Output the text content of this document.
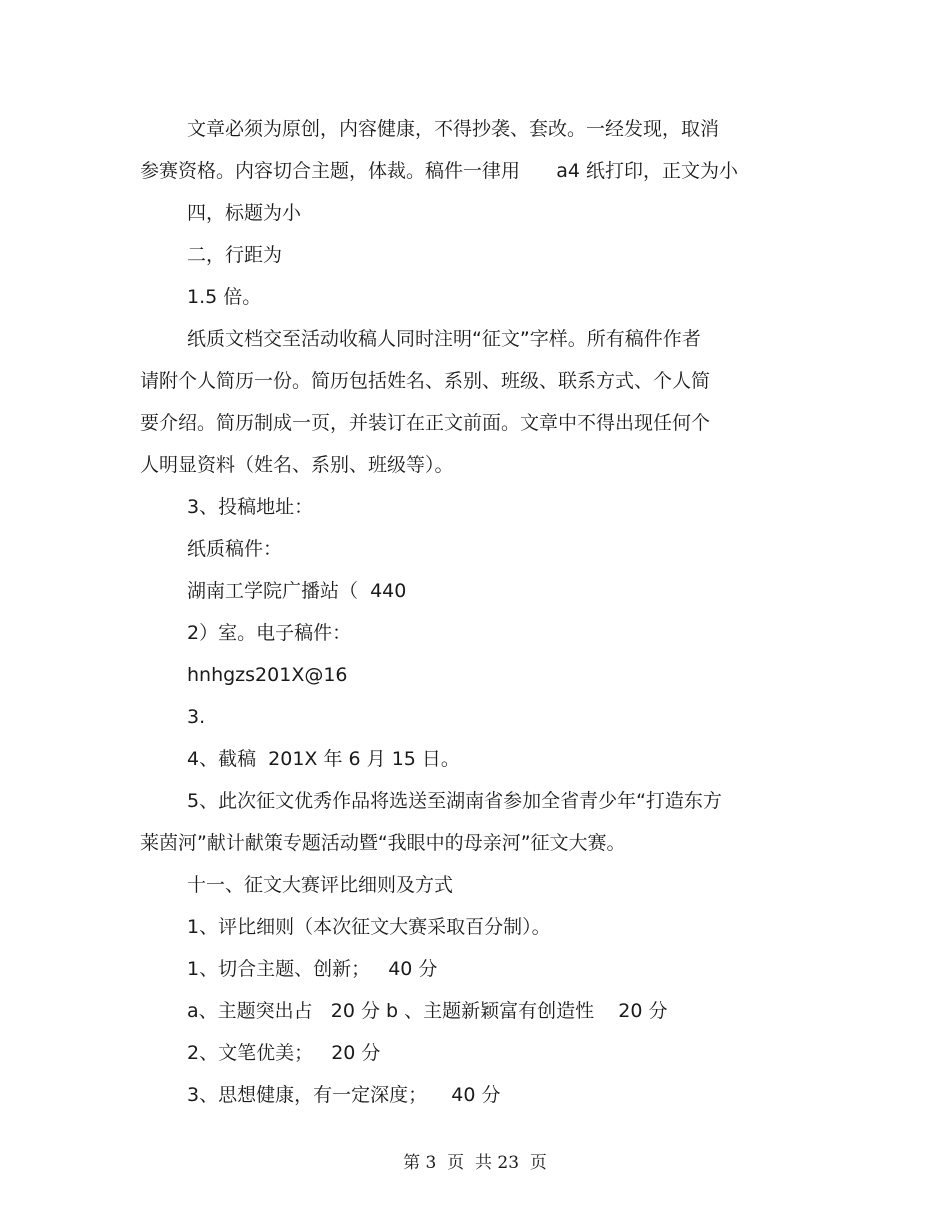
文章必须为原创，内容健康，不得抄袭、套改。一经发现，取消
参赛资格。内容切合主题，体裁。稿件一律用      a4 纸打印，正文为小
四，标题为小
二，行距为
1.5 倍。
纸质文档交至活动收稿人同时注明“征文”字样。所有稿件作者
请附个人简历一份。简历包括姓名、系别、班级、联系方式、个人简
要介绍。简历制成一页，并装订在正文前面。文章中不得出现任何个
人明显资料（姓名、系别、班级等）。
3、投稿地址：
纸质稿件：
湖南工学院广播站（  440
2）室。电子稿件：
hnhgzs201X@16
3.
4、截稿  201X 年 6 月 15 日。
5、此次征文优秀作品将选送至湖南省参加全省青少年“打造东方
莱茵河”献计献策专题活动暨“我眼中的母亲河”征文大赛。
十一、征文大赛评比细则及方式
1、评比细则（本次征文大赛采取百分制）。
1、切合主题、创新；   40 分
a、主题突出占   20 分 b 、主题新颖富有创造性    20 分
2、文笔优美；   20 分
3、思想健康，有一定深度；    40 分
第 3  页  共 23  页
